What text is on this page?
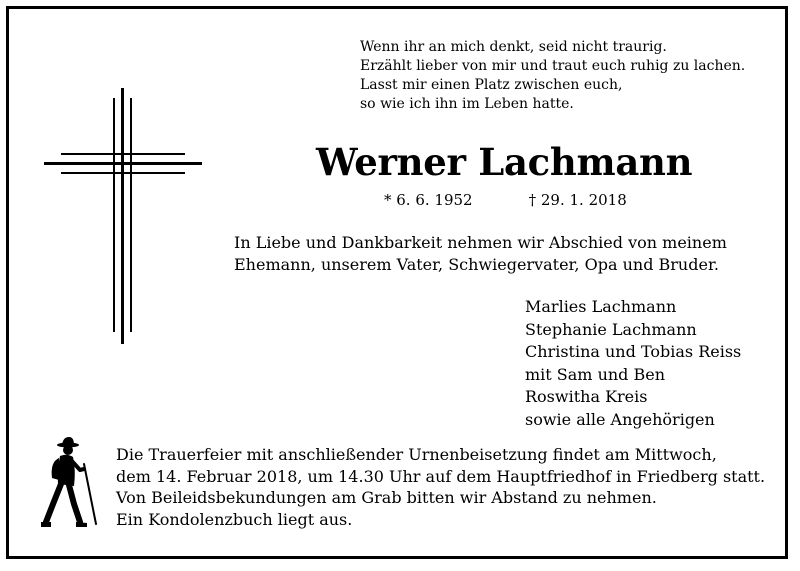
Wenn ihr an mich denkt, seid nicht traurig.
Erzählt lieber von mir und traut euch ruhig zu lachen.
Lasst mir einen Platz zwischen euch,
so wie ich ihn im Leben hatte.
Werner Lachmann
* 6. 6. 1952	† 29. 1. 2018
In Liebe und Dankbarkeit nehmen wir Abschied von meinem
Ehemann, unserem Vater, Schwiegervater, Opa und Bruder.
Marlies Lachmann
Stephanie Lachmann
Christina und Tobias Reiss
mit Sam und Ben
Roswitha Kreis
sowie alle Angehörigen
Die Trauerfeier mit anschließender Urnenbeisetzung findet am Mittwoch,
dem 14. Februar 2018, um 14.30 Uhr auf dem Hauptfriedhof in Friedberg statt.
Von Beileidsbekundungen am Grab bitten wir Abstand zu nehmen.
Ein Kondolenzbuch liegt aus.
